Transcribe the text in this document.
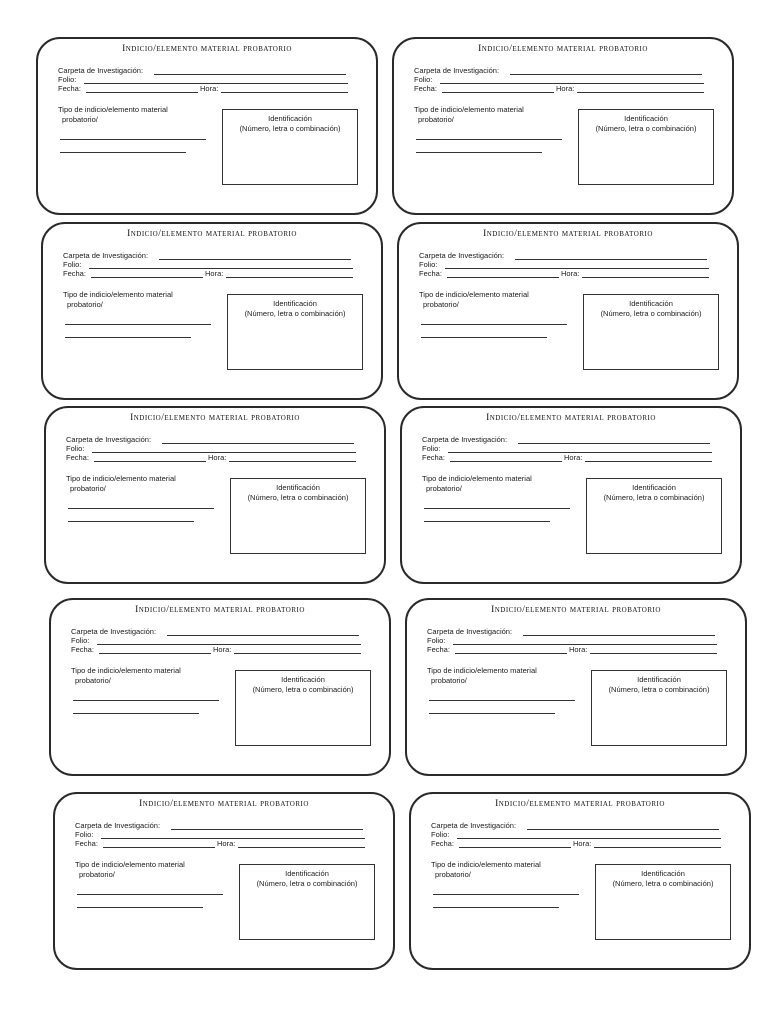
Indicio/elemento material probatorio
Carpeta de Investigación:
Folio:
Fecha:	Hora:
Tipo de indicio/elemento material
probatorio/	Identificación
(Número, letra o combinación)
Indicio/elemento material probatorio
Carpeta de Investigación:
Folio:
Fecha:	Hora:
Tipo de indicio/elemento material
probatorio/	Identificación
(Número, letra o combinación)
Indicio/elemento material probatorio
Carpeta de Investigación:
Folio:
Fecha:	Hora:
Tipo de indicio/elemento material
probatorio/	Identificación
(Número, letra o combinación)
Indicio/elemento material probatorio
Carpeta de Investigación:
Folio:
Fecha:	Hora:
Tipo de indicio/elemento material
probatorio/	Identificación
(Número, letra o combinación)
Indicio/elemento material probatorio
Carpeta de Investigación:
Folio:
Fecha:	Hora:
Tipo de indicio/elemento material
probatorio/	Identificación
(Número, letra o combinación)
Indicio/elemento material probatorio
Carpeta de Investigación:
Folio:
Fecha:	Hora:
Tipo de indicio/elemento material
probatorio/	Identificación
(Número, letra o combinación)
Indicio/elemento material probatorio
Carpeta de Investigación:
Folio:
Fecha:	Hora:
Tipo de indicio/elemento material
probatorio/	Identificación
(Número, letra o combinación)
Indicio/elemento material probatorio
Carpeta de Investigación:
Folio:
Fecha:	Hora:
Tipo de indicio/elemento material
probatorio/	Identificación
(Número, letra o combinación)
Indicio/elemento material probatorio
Carpeta de Investigación:
Folio:
Fecha:	Hora:
Tipo de indicio/elemento material
probatorio/	Identificación
(Número, letra o combinación)
Indicio/elemento material probatorio
Carpeta de Investigación:
Folio:
Fecha:	Hora:
Tipo de indicio/elemento material
probatorio/	Identificación
(Número, letra o combinación)
